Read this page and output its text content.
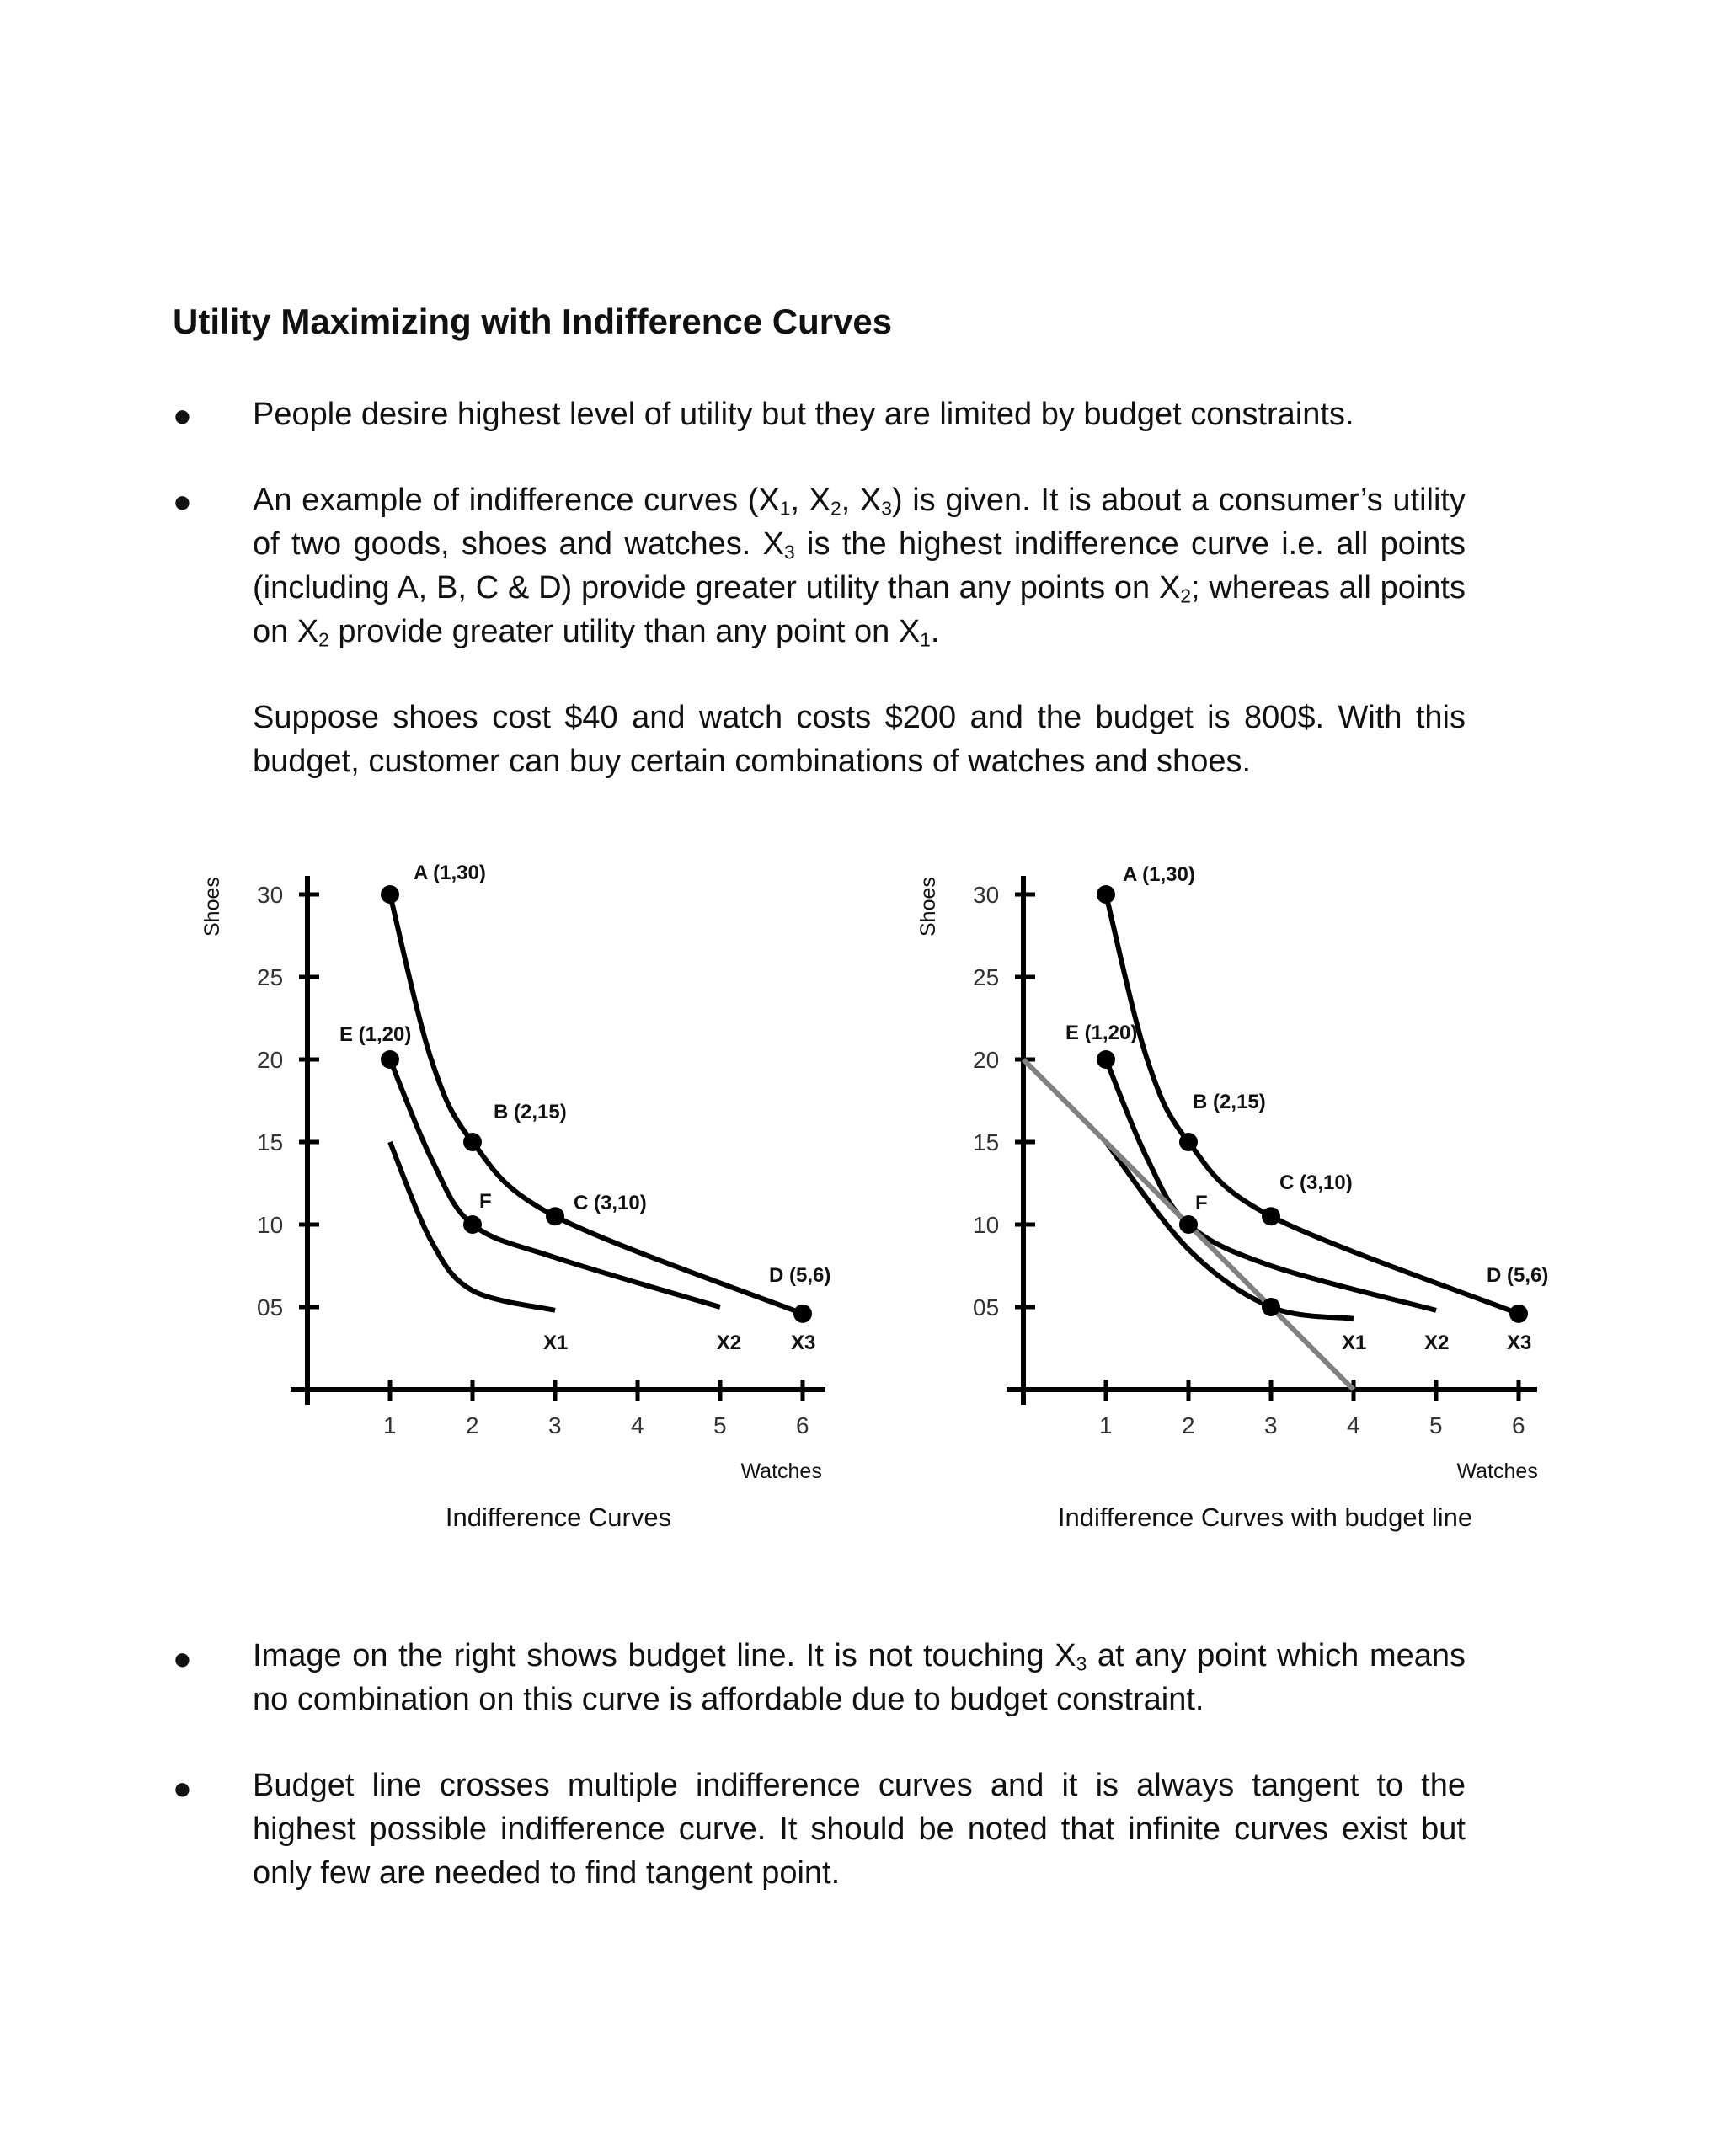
Utility Maximizing with Indifference Curves
● People desire highest level of utility but they are limited by budget constraints.

● An example of indifference curves ($X_1$, $X_2$, $X_3$) is given. It is about a consumer’s utility of two goods, shoes and watches. $X_3$ is the highest indifference curve i.e. all points (including A, B, C & D) provide greater utility than any points on $X_2$; whereas all points on $X_2$ provide greater utility than any point on $X_1$.

Suppose shoes cost $40 and watch costs $200 and the budget is 800$. With this budget, customer can buy certain combinations of watches and shoes.
05
10
15
20
25
30
1	2	3	4	5	6
Watches
Shoes
A (1,30)
E (1,20)
B (2,15)
F	C (3,10)
D (5,6)
X1	X2 X3
05
10
15
20
25
30
1	2	3	4	5	6
Watches
Shoes
A (1,30)
E (1,20)
B (2,15)
F
C (3,10)
D (5,6)
X1	X2	X3
Indifference Curves	Indifference Curves with budget line
● Image on the right shows budget line. It is not touching $X_3$ at any point which means no combination on this curve is affordable due to budget constraint.

● Budget line crosses multiple indifference curves and it is always tangent to the highest possible indifference curve. It should be noted that infinite curves exist but only few are needed to find tangent point.
